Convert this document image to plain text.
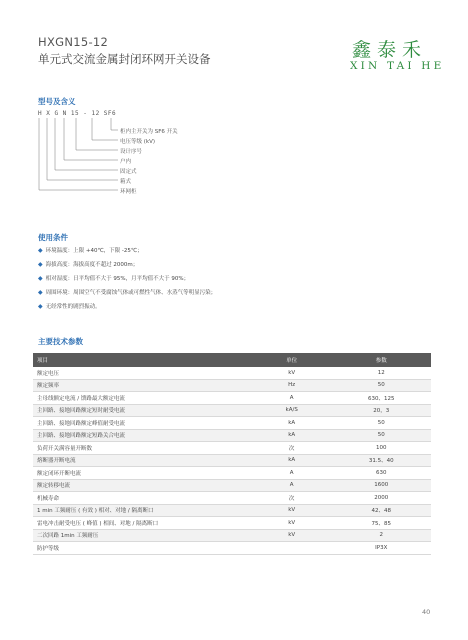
HXGN15-12
单元式交流金属封闭环网开关设备	鑫泰禾
XIN TAI HE
型号及含义
H X G N 15 - 12 SF6
柜内主开关为 SF6 开关
电压等级 (kV)
设计序号
户内
固定式
箱式
环网柜
使用条件
◆ 环境温度：上限 +40℃，下限 -25℃；
◆ 海拔高度：海拔高度不超过 2000m；
◆ 相对湿度：日平均值不大于 95%，月平均值不大于 90%；
◆ 周围环境：周围空气不受腐蚀气体或可燃性气体、水蒸气等明显污染；
◆ 无经常性的剧烈振动。
主要技术参数
项目	单位	参数
额定电压	kV	12
额定频率	Hz	50
主母线额定电流 / 馈路最大额定电流	A	630、125
主回路、接地回路额定短时耐受电流	kA/S	20，3
主回路、接地回路额定峰值耐受电流	kA	50
主回路、接地回路额定短路关合电流	kA	50
负荷开关满容量开断数	次	100
熔断器开断电流	kA	31.5、40
额定闭环开断电流	A	630
额定转移电流	A	1600
机械寿命	次	2000
1 min 工频耐压 ( 有效 ) 相对、对地 / 隔离断口	kV	42、48
雷电冲击耐受电压 ( 峰值 ) 相间、对地 / 隔离断口	kV	75、85
二次回路 1min 工频耐压	kV	2
防护等级		IP3X
40
